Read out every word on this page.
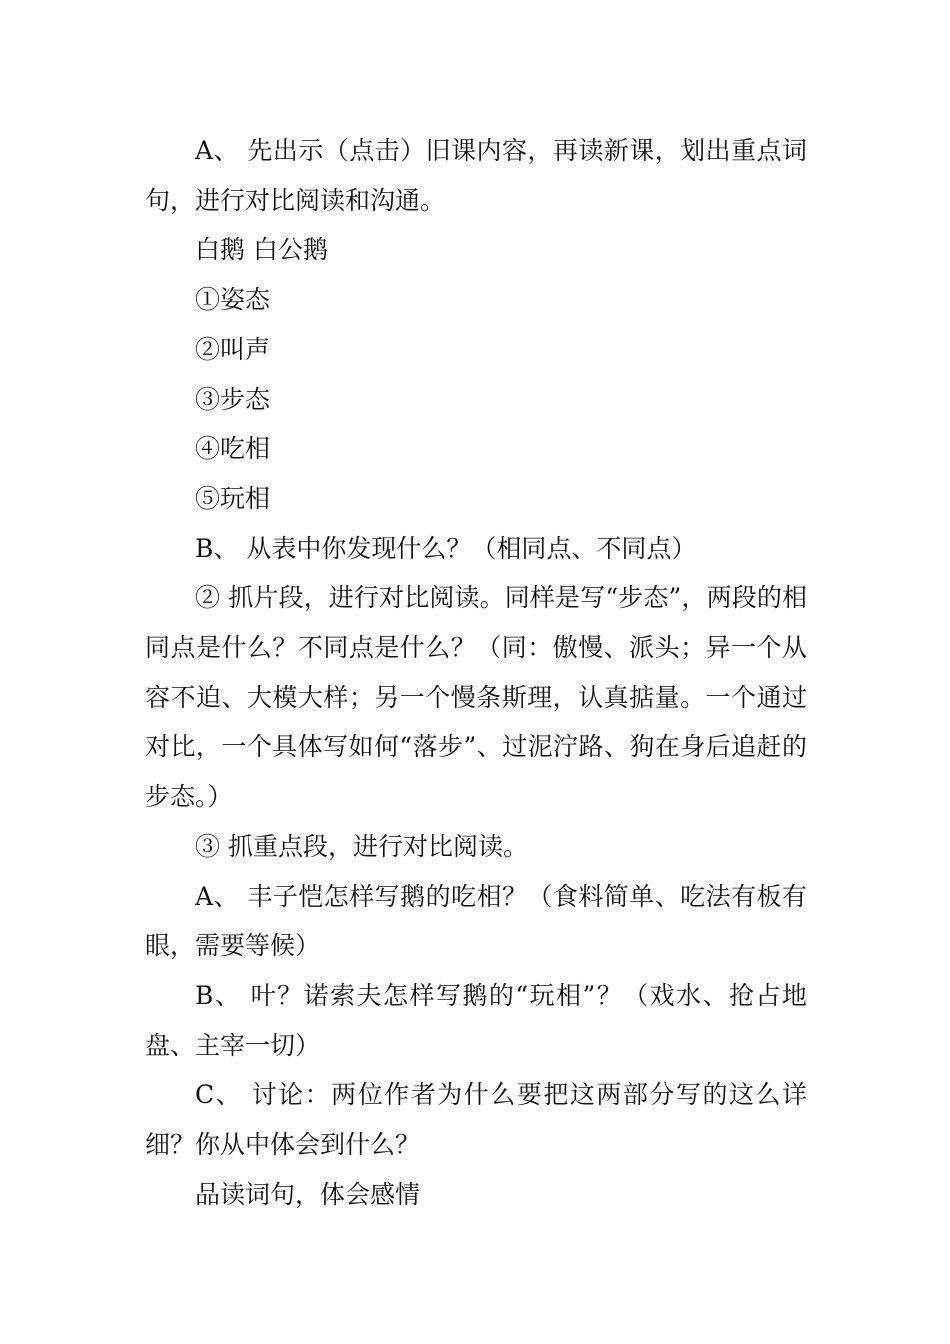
A、 先出示（点击）旧课内容，再读新课，划出重点词句，进行对比阅读和沟通。

白鹅 白公鹅

①姿态

②叫声

③步态

④吃相

⑤玩相

B、 从表中你发现什么？（相同点、不同点）

② 抓片段，进行对比阅读。同样是写“步态”，两段的相同点是什么？不同点是什么？（同：傲慢、派头；异一个从容不迫、大模大样；另一个慢条斯理，认真掂量。一个通过对比，一个具体写如何“落步”、过泥泞路、狗在身后追赶的步态。）

③ 抓重点段，进行对比阅读。

A、 丰子恺怎样写鹅的吃相？（食料简单、吃法有板有眼，需要等候）

B、 叶？诺索夫怎样写鹅的“玩相”？（戏水、抢占地盘、主宰一切）

C、 讨论：两位作者为什么要把这两部分写的这么详细？你从中体会到什么？

品读词句，体会感情
